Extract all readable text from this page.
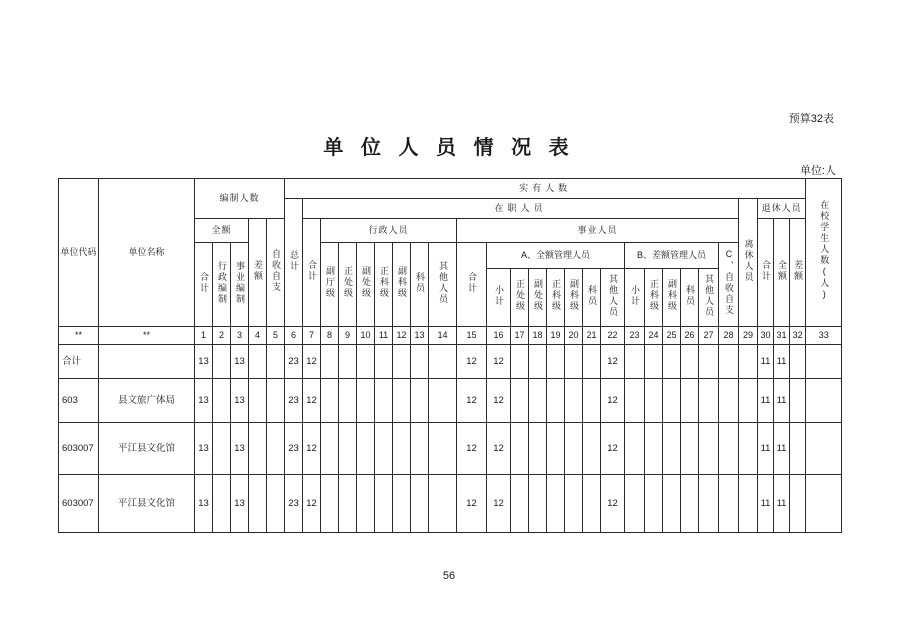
预算32表
单 位 人 员 情 况 表
单位:人
单位代码	单位名称	编制人数					实有人数																											在校学生人数(人)
							总计	在职人员																						离休人员	退休人员			
		全额			差额	自收自支		合计	行政人员							事业人员															合计	全额	差额	
		合计	行政编制	事业编制					副厅级	正处级	副处级	正科级	副科级	科员	其他人员	合计	A、全额管理人员							B、差额管理人员					C、自收自支					
																	小计	正处级	副处级	正科级	副科级	科员	其他人员	小计	正科级	副科级	科员	其他人员						
**	**	1	2	3	4	5	6	7	8	9	10	11	12	13	14	15	16	17	18	19	20	21	22	23	24	25	26	27	28	29	30	31	32	33
合计		13		13			23	12								12	12						12								11	11		
603	县文旅广体局	13		13			23	12								12	12						12								11	11		
603007	平江县文化馆	13		13			23	12								12	12						12								11	11		
603007	平江县文化馆	13		13			23	12								12	12						12								11	11		
56
